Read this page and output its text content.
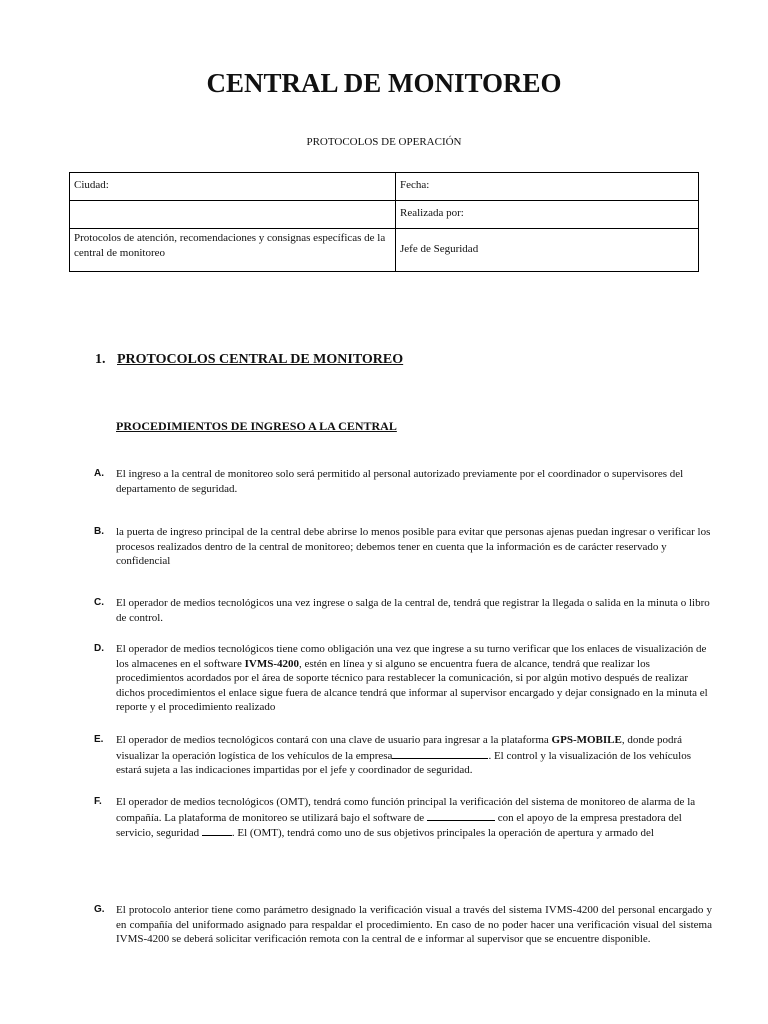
CENTRAL DE MONITOREO
PROTOCOLOS DE OPERACIÓN
Ciudad:	Fecha:
	Realizada por:
Protocolos de atención, recomendaciones y consignas específicas de la central de monitoreo	Jefe de Seguridad
1. PROTOCOLOS CENTRAL DE MONITOREO
PROCEDIMIENTOS DE INGRESO A LA CENTRAL
A.	El ingreso a la central de monitoreo solo será permitido al personal autorizado previamente por el coordinador o supervisores del departamento de seguridad.
B.	la puerta de ingreso principal de la central debe abrirse lo menos posible para evitar que personas ajenas puedan ingresar o verificar los procesos realizados dentro de la central de monitoreo; debemos tener en cuenta que la información es de carácter reservado y confidencial
C.	El operador de medios tecnológicos una vez ingrese o salga de la central de, tendrá que registrar la llegada o salida en la minuta o libro de control.
D.	El operador de medios tecnológicos tiene como obligación una vez que ingrese a su turno verificar que los enlaces de visualización de los almacenes en el software IVMS-4200, estén en línea y si alguno se encuentra fuera de alcance, tendrá que realizar los procedimientos acordados por el área de soporte técnico para restablecer la comunicación, si por algún motivo después de realizar dichos procedimientos el enlace sigue fuera de alcance tendrá que informar al supervisor encargado y dejar consignado en la minuta el reporte y el procedimiento realizado
E.	El operador de medios tecnológicos contará con una clave de usuario para ingresar a la plataforma GPS-MOBILE, donde podrá visualizar la operación logística de los vehículos de la empresa	. El control y la visualización de los vehículos estará sujeta a las indicaciones impartidas por el jefe y coordinador de seguridad.
F.	El operador de medios tecnológicos (OMT), tendrá como función principal la verificación del sistema de monitoreo de alarma de la compañía. La plataforma de monitoreo se utilizará bajo el software de	con el apoyo de la empresa prestadora del servicio, seguridad	. El (OMT), tendrá como uno de sus objetivos principales la operación de apertura y armado del
G.	El protocolo anterior tiene como parámetro designado la verificación visual a través del sistema IVMS-4200 del personal encargado y en compañía del uniformado asignado para respaldar el procedimiento. En caso de no poder hacer una verificación visual del sistema IVMS-4200 se deberá solicitar verificación remota con la central de e informar al supervisor que se encuentre disponible.
